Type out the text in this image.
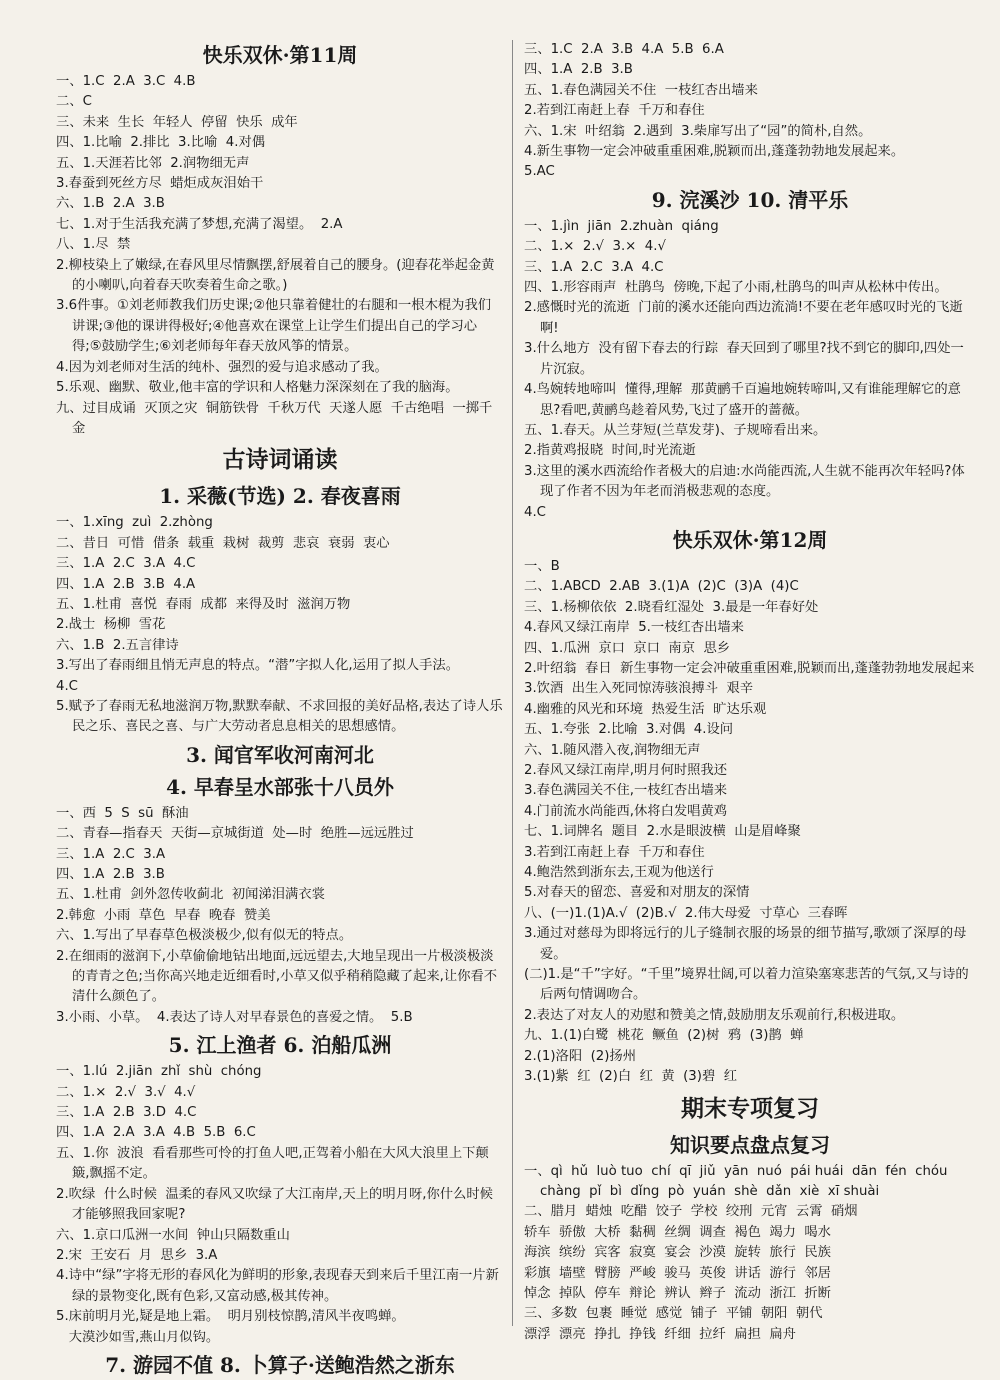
快乐双休·第11周
一、1.C  2.A  3.C  4.B
二、C
三、未来  生长  年轻人  停留  快乐  成年
四、1.比喻  2.排比  3.比喻  4.对偶
五、1.天涯若比邻  2.润物细无声
3.春蚕到死丝方尽  蜡炬成灰泪始干
六、1.B  2.A  3.B
七、1.对于生活我充满了梦想,充满了渴望。  2.A
八、1.尽  禁
2.柳枝染上了嫩绿,在春风里尽情飘摆,舒展着自己的腰身。(迎春花举起金黄的小喇叭,向着春天吹奏着生命之歌。)
3.6件事。①刘老师教我们历史课;②他只靠着健壮的右腿和一根木棍为我们讲课;③他的课讲得极好;④他喜欢在课堂上让学生们提出自己的学习心得;⑤鼓励学生;⑥刘老师每年春天放风筝的情景。
4.因为刘老师对生活的纯朴、强烈的爱与追求感动了我。
5.乐观、幽默、敬业,他丰富的学识和人格魅力深深刻在了我的脑海。
九、过目成诵  灭顶之灾  铜筋铁骨  千秋万代  天遂人愿  千古绝唱  一掷千金
古诗词诵读
1. 采薇(节选) 2. 春夜喜雨
一、1.xīng  zuì  2.zhòng
二、昔日  可惜  借条  载重  栽树  裁剪  悲哀  衰弱  衷心
三、1.A  2.C  3.A  4.C
四、1.A  2.B  3.B  4.A
五、1.杜甫  喜悦  春雨  成都  来得及时  滋润万物
2.战士  杨柳  雪花
六、1.B  2.五言律诗
3.写出了春雨细且悄无声息的特点。“潜”字拟人化,运用了拟人手法。
4.C
5.赋予了春雨无私地滋润万物,默默奉献、不求回报的美好品格,表达了诗人乐民之乐、喜民之喜、与广大劳动者息息相关的思想感情。
3. 闻官军收河南河北
4. 早春呈水部张十八员外
一、西  5  S  sū  酥油
二、青春—指春天  天街—京城街道  处—时  绝胜—远远胜过
三、1.A  2.C  3.A
四、1.A  2.B  3.B
五、1.杜甫  剑外忽传收蓟北  初闻涕泪满衣裳
2.韩愈  小雨  草色  早春  晚春  赞美
六、1.写出了早春草色极淡极少,似有似无的特点。
2.在细雨的滋润下,小草偷偷地钻出地面,远远望去,大地呈现出一片极淡极淡的青青之色;当你高兴地走近细看时,小草又似乎稍稍隐藏了起来,让你看不清什么颜色了。
3.小雨、小草。  4.表达了诗人对早春景色的喜爱之情。  5.B
5. 江上渔者 6. 泊船瓜洲
一、1.lú  2.jiān  zhǐ  shù  chóng
二、1.×  2.√  3.√  4.√
三、1.A  2.B  3.D  4.C
四、1.A  2.A  3.A  4.B  5.B  6.C
五、1.你  波浪  看看那些可怜的打鱼人吧,正驾着小船在大风大浪里上下颠簸,飘摇不定。
2.吹绿  什么时候  温柔的春风又吹绿了大江南岸,天上的明月呀,你什么时候才能够照我回家呢?
六、1.京口瓜洲一水间  钟山只隔数重山
2.宋  王安石  月  思乡  3.A
4.诗中“绿”字将无形的春风化为鲜明的形象,表现春天到来后千里江南一片新绿的景物变化,既有色彩,又富动感,极其传神。
5.床前明月光,疑是地上霜。  明月别枝惊鹊,清风半夜鸣蝉。
大漠沙如雪,燕山月似钩。
7. 游园不值 8. 卜算子·送鲍浩然之浙东
三、1.C  2.A  3.B  4.A  5.B  6.A
四、1.A  2.B  3.B
五、1.春色满园关不住  一枝红杏出墙来
2.若到江南赶上春  千万和春住
六、1.宋  叶绍翁  2.遇到  3.柴扉写出了“园”的简朴,自然。
4.新生事物一定会冲破重重困难,脱颖而出,蓬蓬勃勃地发展起来。
5.AC
9. 浣溪沙 10. 清平乐
一、1.jìn  jiān  2.zhuàn  qiáng
二、1.×  2.√  3.×  4.√
三、1.A  2.C  3.A  4.C
四、1.形容雨声  杜鹃鸟  傍晚,下起了小雨,杜鹃鸟的叫声从松林中传出。
2.感慨时光的流逝  门前的溪水还能向西边流淌!不要在老年感叹时光的飞逝啊!
3.什么地方  没有留下春去的行踪  春天回到了哪里?找不到它的脚印,四处一片沉寂。
4.鸟婉转地啼叫  懂得,理解  那黄鹂千百遍地婉转啼叫,又有谁能理解它的意思?看吧,黄鹂鸟趁着风势,飞过了盛开的蔷薇。
五、1.春天。从兰芽短(兰草发芽)、子规啼看出来。
2.指黄鸡报晓  时间,时光流逝
3.这里的溪水西流给作者极大的启迪:水尚能西流,人生就不能再次年轻吗?体现了作者不因为年老而消极悲观的态度。
4.C
快乐双休·第12周
一、B
二、1.ABCD  2.AB  3.(1)A  (2)C  (3)A  (4)C
三、1.杨柳依依  2.晓看红湿处  3.最是一年春好处
4.春风又绿江南岸  5.一枝红杏出墙来
四、1.瓜洲  京口  京口  南京  思乡
2.叶绍翁  春日  新生事物一定会冲破重重困难,脱颖而出,蓬蓬勃勃地发展起来
3.饮酒  出生入死同惊涛骇浪搏斗  艰辛
4.幽雅的风光和环境  热爱生活  旷达乐观
五、1.夸张  2.比喻  3.对偶  4.设问
六、1.随风潜入夜,润物细无声
2.春风又绿江南岸,明月何时照我还
3.春色满园关不住,一枝红杏出墙来
4.门前流水尚能西,休将白发唱黄鸡
七、1.词牌名  题目  2.水是眼波横  山是眉峰聚
3.若到江南赶上春  千万和春住
4.鲍浩然到浙东去,王观为他送行
5.对春天的留恋、喜爱和对朋友的深情
八、(一)1.(1)A.√  (2)B.√  2.伟大母爱  寸草心  三春晖
3.通过对慈母为即将远行的儿子缝制衣服的场景的细节描写,歌颂了深厚的母爱。
(二)1.是“千”字好。“千里”境界壮阔,可以着力渲染塞寒悲苦的气氛,又与诗的后两句情调吻合。
2.表达了对友人的劝慰和赞美之情,鼓励朋友乐观前行,积极进取。
九、1.(1)白鹭  桃花  鳜鱼  (2)树  鸦  (3)鹊  蝉
2.(1)洛阳  (2)扬州
3.(1)紫  红  (2)白  红  黄  (3)碧  红
期末专项复习
知识要点盘点复习
一、qì  hǔ  luò tuo  chí  qī  jiǔ  yān  nuó  pái huái  dān  fén  chóu chàng  pǐ  bì  dǐng  pò  yuán  shè  dǎn  xiè  xī shuài
二、腊月  蜡烛  吃醋  饺子  学校  绞刑  元宵  云霄  硝烟
轿车  骄傲  大桥  黏稠  丝绸  调查  褐色  竭力  喝水
海滨  缤纷  宾客  寂寞  宴会  沙漠  旋转  旅行  民族
彩旗  墙壁  臂膀  严峻  骏马  英俊  讲话  游行  邻居
悼念  掉队  停车  辩论  辨认  辫子  流动  浙江  折断
三、多数  包裹  睡觉  感觉  铺子  平铺  朝阳  朝代
漂浮  漂亮  挣扎  挣钱  纤细  拉纤  扁担  扁舟
